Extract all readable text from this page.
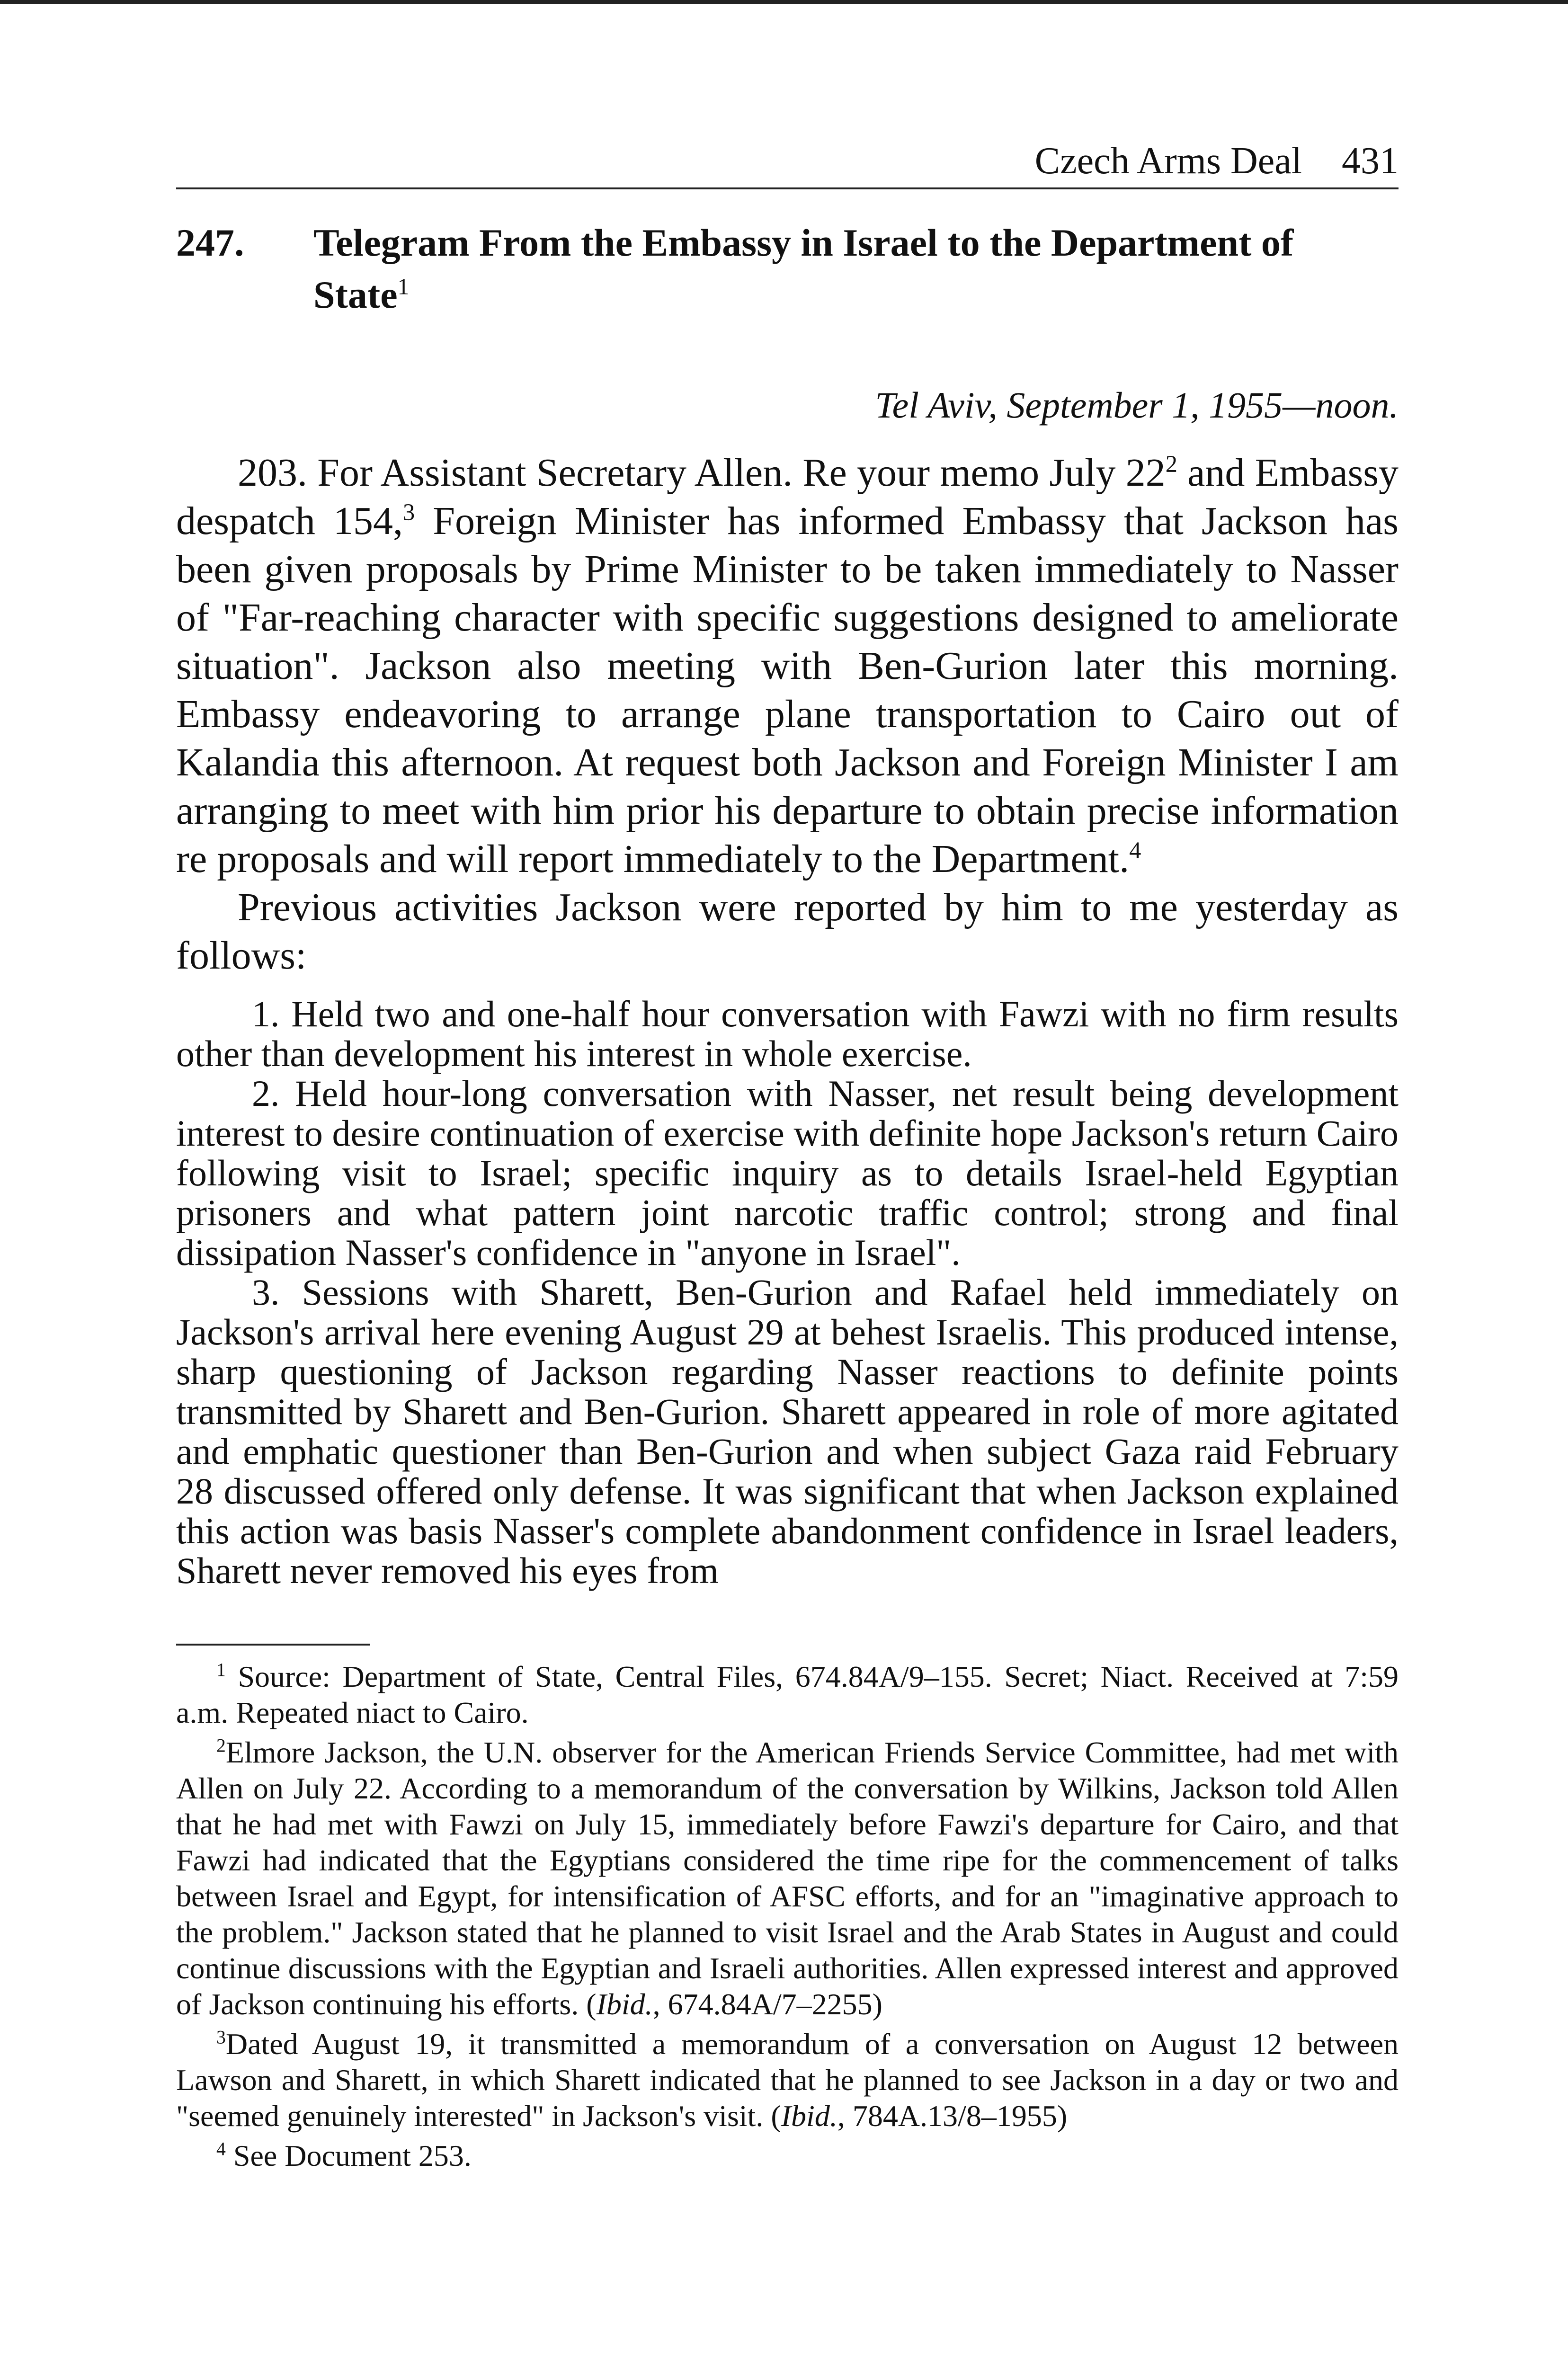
Czech Arms Deal 431
247.	Telegram From the Embassy in Israel to the Department of State$^1$
Tel Aviv, September 1, 1955—noon.

203. For Assistant Secretary Allen. Re your memo July $22^2$ and Embassy despatch 154,$^3$ Foreign Minister has informed Embassy that Jackson has been given proposals by Prime Minister to be taken immediately to Nasser of "Far-reaching character with specific suggestions designed to ameliorate situation". Jackson also meeting with Ben-Gurion later this morning. Embassy endeavoring to arrange plane transportation to Cairo out of Kalandia this afternoon. At request both Jackson and Foreign Minister I am arranging to meet with him prior his departure to obtain precise information re proposals and will report immediately to the Department.$^4$

Previous activities Jackson were reported by him to me yesterday as follows:

1. Held two and one-half hour conversation with Fawzi with no firm results other than development his interest in whole exercise.

2. Held hour-long conversation with Nasser, net result being development interest to desire continuation of exercise with definite hope Jackson's return Cairo following visit to Israel; specific inquiry as to details Israel-held Egyptian prisoners and what pattern joint narcotic traffic control; strong and final dissipation Nasser's confidence in "anyone in Israel".

3. Sessions with Sharett, Ben-Gurion and Rafael held immediately on Jackson's arrival here evening August 29 at behest Israelis. This produced intense, sharp questioning of Jackson regarding Nasser reactions to definite points transmitted by Sharett and Ben-Gurion. Sharett appeared in role of more agitated and emphatic questioner than Ben-Gurion and when subject Gaza raid February 28 discussed offered only defense. It was significant that when Jackson explained this action was basis Nasser's complete abandonment confidence in Israel leaders, Sharett never removed his eyes from

$^1$ Source: Department of State, Central Files, 674.84A/9–155. Secret; Niact. Received at 7:59 a.m. Repeated niact to Cairo.

$^2$Elmore Jackson, the U.N. observer for the American Friends Service Committee, had met with Allen on July 22. According to a memorandum of the conversation by Wilkins, Jackson told Allen that he had met with Fawzi on July 15, immediately before Fawzi's departure for Cairo, and that Fawzi had indicated that the Egyptians considered the time ripe for the commencement of talks between Israel and Egypt, for intensification of AFSC efforts, and for an "imaginative approach to the problem." Jackson stated that he planned to visit Israel and the Arab States in August and could continue discussions with the Egyptian and Israeli authorities. Allen expressed interest and approved of Jackson continuing his efforts. (Ibid., 674.84A/7–2255)

$^3$Dated August 19, it transmitted a memorandum of a conversation on August 12 between Lawson and Sharett, in which Sharett indicated that he planned to see Jackson in a day or two and "seemed genuinely interested" in Jackson's visit. (Ibid., 784A.13/8–1955)

$^4$ See Document 253.
